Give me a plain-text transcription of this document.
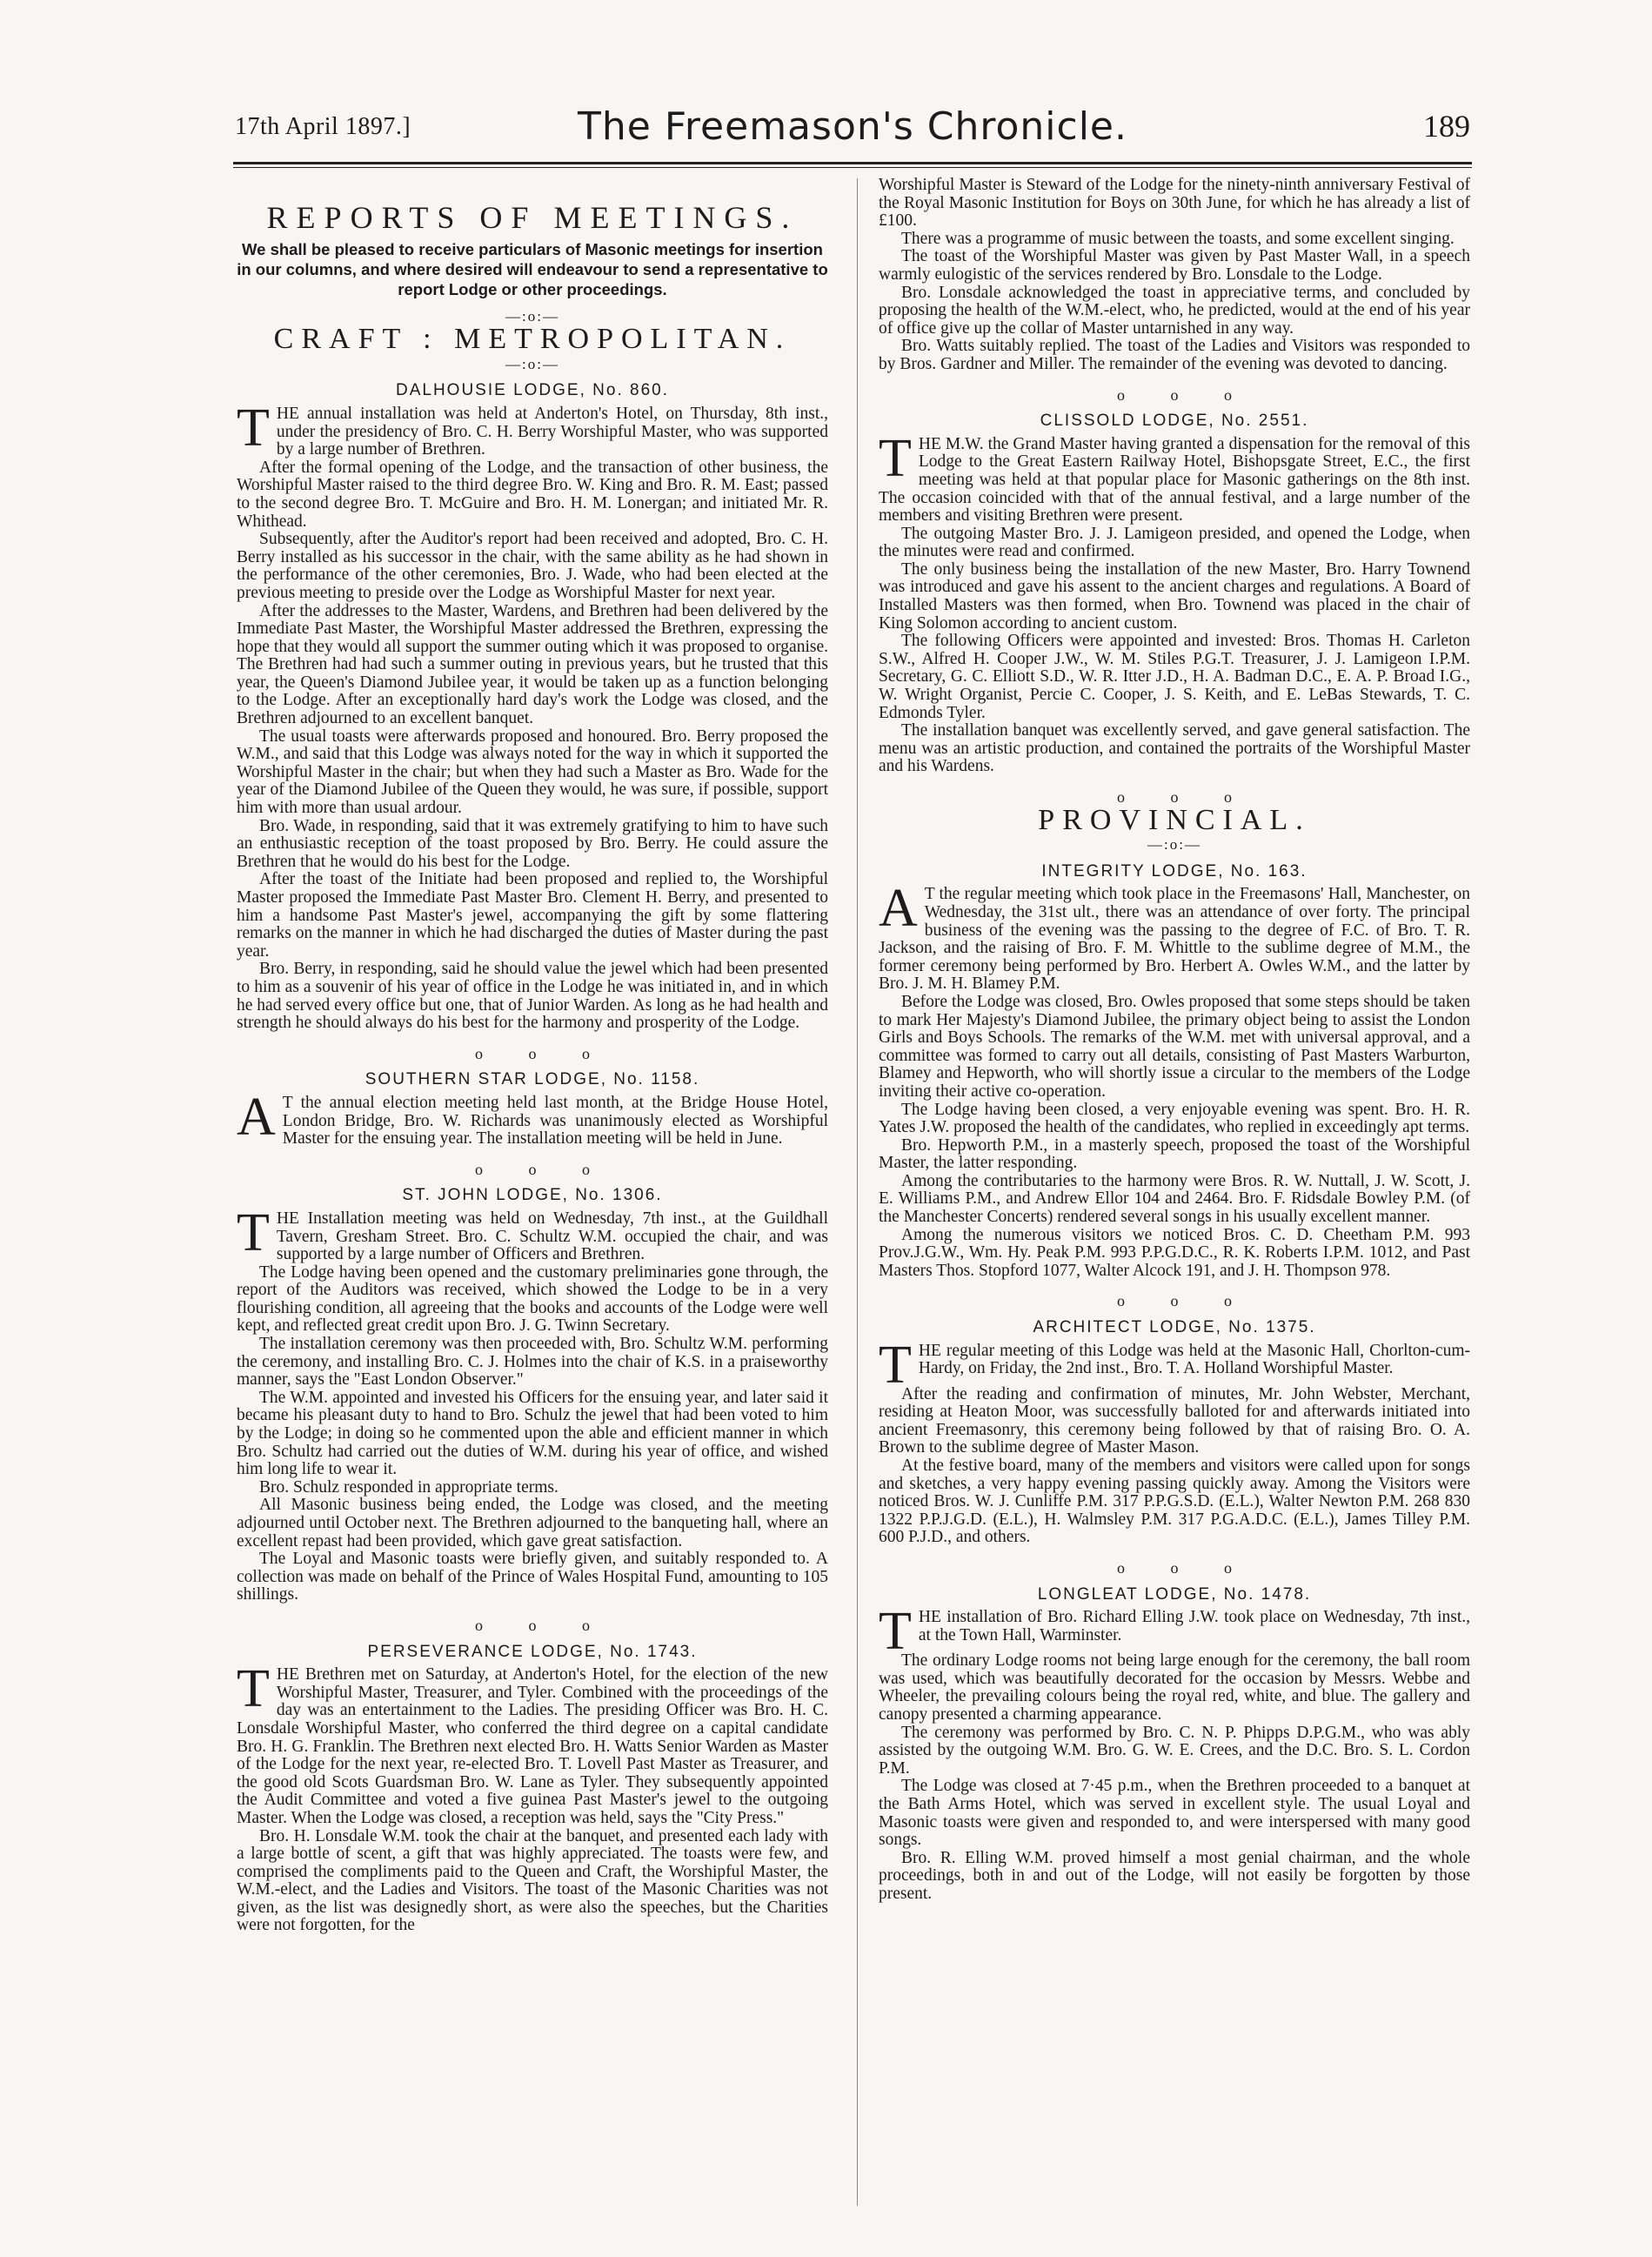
17th April 1897.]	The Freemason's Chronicle.	189
REPORTS OF MEETINGS.
We shall be pleased to receive particulars of Masonic meetings for insertion in our columns, and where desired will endeavour to send a representative to report Lodge or other proceedings.
—:o:—
CRAFT : METROPOLITAN.
—:o:—
DALHOUSIE LODGE, No. 860.
T HE annual installation was held at Anderton's Hotel, on Thursday, 8th inst., under the presidency of Bro. C. H. Berry Worshipful Master, who was supported by a large number of Brethren.

After the formal opening of the Lodge, and the transaction of other business, the Worshipful Master raised to the third degree Bro. W. King and Bro. R. M. East; passed to the second degree Bro. T. McGuire and Bro. H. M. Lonergan; and initiated Mr. R. Whithead.

Subsequently, after the Auditor's report had been received and adopted, Bro. C. H. Berry installed as his successor in the chair, with the same ability as he had shown in the performance of the other ceremonies, Bro. J. Wade, who had been elected at the previous meeting to preside over the Lodge as Worshipful Master for next year.

After the addresses to the Master, Wardens, and Brethren had been delivered by the Immediate Past Master, the Worshipful Master addressed the Brethren, expressing the hope that they would all support the summer outing which it was proposed to organise. The Brethren had had such a summer outing in previous years, but he trusted that this year, the Queen's Diamond Jubilee year, it would be taken up as a function belonging to the Lodge. After an exceptionally hard day's work the Lodge was closed, and the Brethren adjourned to an excellent banquet.

The usual toasts were afterwards proposed and honoured. Bro. Berry proposed the W.M., and said that this Lodge was always noted for the way in which it supported the Worshipful Master in the chair; but when they had such a Master as Bro. Wade for the year of the Diamond Jubilee of the Queen they would, he was sure, if possible, support him with more than usual ardour.

Bro. Wade, in responding, said that it was extremely gratifying to him to have such an enthusiastic reception of the toast proposed by Bro. Berry. He could assure the Brethren that he would do his best for the Lodge.

After the toast of the Initiate had been proposed and replied to, the Worshipful Master proposed the Immediate Past Master Bro. Clement H. Berry, and presented to him a handsome Past Master's jewel, accompanying the gift by some flattering remarks on the manner in which he had discharged the duties of Master during the past year.

Bro. Berry, in responding, said he should value the jewel which had been presented to him as a souvenir of his year of office in the Lodge he was initiated in, and in which he had served every office but one, that of Junior Warden. As long as he had health and strength he should always do his best for the harmony and prosperity of the Lodge.

o o o
SOUTHERN STAR LODGE, No. 1158.
A T the annual election meeting held last month, at the Bridge House Hotel, London Bridge, Bro. W. Richards was unanimously elected as Worshipful Master for the ensuing year. The installation meeting will be held in June.

o o o
ST. JOHN LODGE, No. 1306.
T HE Installation meeting was held on Wednesday, 7th inst., at the Guildhall Tavern, Gresham Street. Bro. C. Schultz W.M. occupied the chair, and was supported by a large number of Officers and Brethren.

The Lodge having been opened and the customary preliminaries gone through, the report of the Auditors was received, which showed the Lodge to be in a very flourishing condition, all agreeing that the books and accounts of the Lodge were well kept, and reflected great credit upon Bro. J. G. Twinn Secretary.

The installation ceremony was then proceeded with, Bro. Schultz W.M. performing the ceremony, and installing Bro. C. J. Holmes into the chair of K.S. in a praiseworthy manner, says the "East London Observer."

The W.M. appointed and invested his Officers for the ensuing year, and later said it became his pleasant duty to hand to Bro. Schulz the jewel that had been voted to him by the Lodge; in doing so he commented upon the able and efficient manner in which Bro. Schultz had carried out the duties of W.M. during his year of office, and wished him long life to wear it.

Bro. Schulz responded in appropriate terms.

All Masonic business being ended, the Lodge was closed, and the meeting adjourned until October next. The Brethren adjourned to the banqueting hall, where an excellent repast had been provided, which gave great satisfaction.

The Loyal and Masonic toasts were briefly given, and suitably responded to. A collection was made on behalf of the Prince of Wales Hospital Fund, amounting to 105 shillings.

o o o
PERSEVERANCE LODGE, No. 1743.
T HE Brethren met on Saturday, at Anderton's Hotel, for the election of the new Worshipful Master, Treasurer, and Tyler. Combined with the proceedings of the day was an entertainment to the Ladies. The presiding Officer was Bro. H. C. Lonsdale Worshipful Master, who conferred the third degree on a capital candidate Bro. H. G. Franklin. The Brethren next elected Bro. H. Watts Senior Warden as Master of the Lodge for the next year, re-elected Bro. T. Lovell Past Master as Treasurer, and the good old Scots Guardsman Bro. W. Lane as Tyler. They subsequently appointed the Audit Committee and voted a five guinea Past Master's jewel to the outgoing Master. When the Lodge was closed, a reception was held, says the "City Press."

Bro. H. Lonsdale W.M. took the chair at the banquet, and presented each lady with a large bottle of scent, a gift that was highly appreciated. The toasts were few, and comprised the compliments paid to the Queen and Craft, the Worshipful Master, the W.M.-elect, and the Ladies and Visitors. The toast of the Masonic Charities was not given, as the list was designedly short, as were also the speeches, but the Charities were not forgotten, for the

Worshipful Master is Steward of the Lodge for the ninety-ninth anniversary Festival of the Royal Masonic Institution for Boys on 30th June, for which he has already a list of £100.

There was a programme of music between the toasts, and some excellent singing.

The toast of the Worshipful Master was given by Past Master Wall, in a speech warmly eulogistic of the services rendered by Bro. Lonsdale to the Lodge.

Bro. Lonsdale acknowledged the toast in appreciative terms, and concluded by proposing the health of the W.M.-elect, who, he predicted, would at the end of his year of office give up the collar of Master untarnished in any way.

Bro. Watts suitably replied. The toast of the Ladies and Visitors was responded to by Bros. Gardner and Miller. The remainder of the evening was devoted to dancing.

o o o
CLISSOLD LODGE, No. 2551.
T HE M.W. the Grand Master having granted a dispensation for the removal of this Lodge to the Great Eastern Railway Hotel, Bishopsgate Street, E.C., the first meeting was held at that popular place for Masonic gatherings on the 8th inst. The occasion coincided with that of the annual festival, and a large number of the members and visiting Brethren were present.

The outgoing Master Bro. J. J. Lamigeon presided, and opened the Lodge, when the minutes were read and confirmed.

The only business being the installation of the new Master, Bro. Harry Townend was introduced and gave his assent to the ancient charges and regulations. A Board of Installed Masters was then formed, when Bro. Townend was placed in the chair of King Solomon according to ancient custom.

The following Officers were appointed and invested: Bros. Thomas H. Carleton S.W., Alfred H. Cooper J.W., W. M. Stiles P.G.T. Treasurer, J. J. Lamigeon I.P.M. Secretary, G. C. Elliott S.D., W. R. Itter J.D., H. A. Badman D.C., E. A. P. Broad I.G., W. Wright Organist, Percie C. Cooper, J. S. Keith, and E. LeBas Stewards, T. C. Edmonds Tyler.

The installation banquet was excellently served, and gave general satisfaction. The menu was an artistic production, and contained the portraits of the Worshipful Master and his Wardens.

o o o
PROVINCIAL.
—:o:—
INTEGRITY LODGE, No. 163.
A T the regular meeting which took place in the Freemasons' Hall, Manchester, on Wednesday, the 31st ult., there was an attendance of over forty. The principal business of the evening was the passing to the degree of F.C. of Bro. T. R. Jackson, and the raising of Bro. F. M. Whittle to the sublime degree of M.M., the former ceremony being performed by Bro. Herbert A. Owles W.M., and the latter by Bro. J. M. H. Blamey P.M.

Before the Lodge was closed, Bro. Owles proposed that some steps should be taken to mark Her Majesty's Diamond Jubilee, the primary object being to assist the London Girls and Boys Schools. The remarks of the W.M. met with universal approval, and a committee was formed to carry out all details, consisting of Past Masters Warburton, Blamey and Hepworth, who will shortly issue a circular to the members of the Lodge inviting their active co-operation.

The Lodge having been closed, a very enjoyable evening was spent. Bro. H. R. Yates J.W. proposed the health of the candidates, who replied in exceedingly apt terms.

Bro. Hepworth P.M., in a masterly speech, proposed the toast of the Worshipful Master, the latter responding.

Among the contributaries to the harmony were Bros. R. W. Nuttall, J. W. Scott, J. E. Williams P.M., and Andrew Ellor 104 and 2464. Bro. F. Ridsdale Bowley P.M. (of the Manchester Concerts) rendered several songs in his usually excellent manner.

Among the numerous visitors we noticed Bros. C. D. Cheetham P.M. 993 Prov.J.G.W., Wm. Hy. Peak P.M. 993 P.P.G.D.C., R. K. Roberts I.P.M. 1012, and Past Masters Thos. Stopford 1077, Walter Alcock 191, and J. H. Thompson 978.

o o o
ARCHITECT LODGE, No. 1375.
T HE regular meeting of this Lodge was held at the Masonic Hall, Chorlton-cum-Hardy, on Friday, the 2nd inst., Bro. T. A. Holland Worshipful Master.

After the reading and confirmation of minutes, Mr. John Webster, Merchant, residing at Heaton Moor, was successfully balloted for and afterwards initiated into ancient Freemasonry, this ceremony being followed by that of raising Bro. O. A. Brown to the sublime degree of Master Mason.

At the festive board, many of the members and visitors were called upon for songs and sketches, a very happy evening passing quickly away. Among the Visitors were noticed Bros. W. J. Cunliffe P.M. 317 P.P.G.S.D. (E.L.), Walter Newton P.M. 268 830 1322 P.P.J.G.D. (E.L.), H. Walmsley P.M. 317 P.G.A.D.C. (E.L.), James Tilley P.M. 600 P.J.D., and others.

o o o
LONGLEAT LODGE, No. 1478.
T HE installation of Bro. Richard Elling J.W. took place on Wednesday, 7th inst., at the Town Hall, Warminster.

The ordinary Lodge rooms not being large enough for the ceremony, the ball room was used, which was beautifully decorated for the occasion by Messrs. Webbe and Wheeler, the prevailing colours being the royal red, white, and blue. The gallery and canopy presented a charming appearance.

The ceremony was performed by Bro. C. N. P. Phipps D.P.G.M., who was ably assisted by the outgoing W.M. Bro. G. W. E. Crees, and the D.C. Bro. S. L. Cordon P.M.

The Lodge was closed at 7·45 p.m., when the Brethren proceeded to a banquet at the Bath Arms Hotel, which was served in excellent style. The usual Loyal and Masonic toasts were given and responded to, and were interspersed with many good songs.

Bro. R. Elling W.M. proved himself a most genial chairman, and the whole proceedings, both in and out of the Lodge, will not easily be forgotten by those present.
